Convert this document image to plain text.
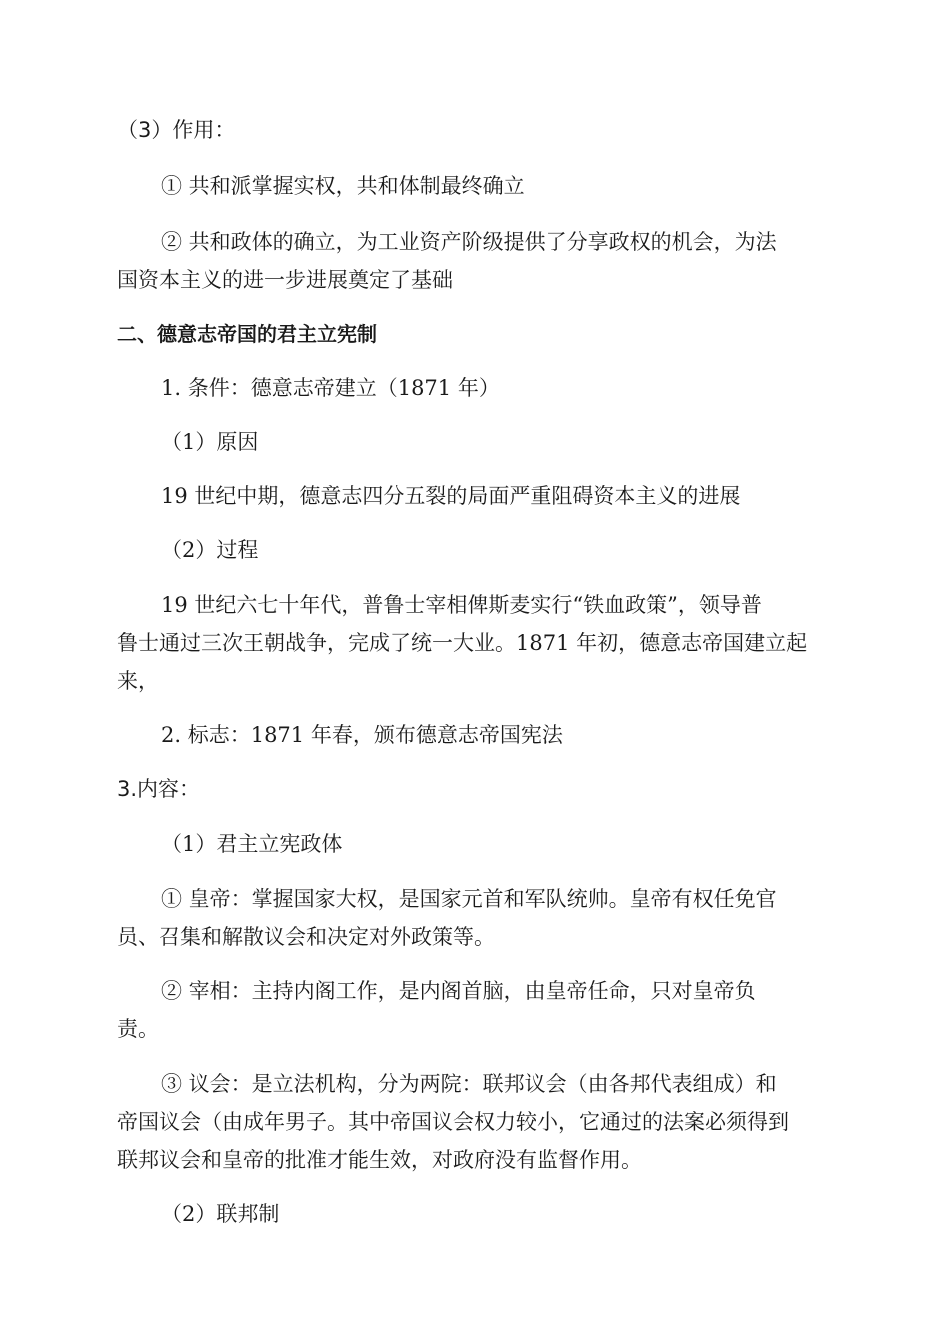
（3）作用：

① 共和派掌握实权，共和体制最终确立

② 共和政体的确立，为工业资产阶级提供了分享政权的机会，为法

国资本主义的进一步进展奠定了基础

二、德意志帝国的君主立宪制

1. 条件：德意志帝建立（1871 年）

（1）原因

19 世纪中期，德意志四分五裂的局面严重阻碍资本主义的进展

（2）过程

19 世纪六七十年代，普鲁士宰相俾斯麦实行“铁血政策”，领导普

鲁士通过三次王朝战争，完成了统一大业。1871 年初，德意志帝国建立起

来，

2. 标志：1871 年春，颁布德意志帝国宪法

3.内容：

（1）君主立宪政体

① 皇帝：掌握国家大权，是国家元首和军队统帅。皇帝有权任免官

员、召集和解散议会和决定对外政策等。

② 宰相：主持内阁工作，是内阁首脑，由皇帝任命，只对皇帝负

责。

③ 议会：是立法机构，分为两院：联邦议会（由各邦代表组成）和

帝国议会（由成年男子。其中帝国议会权力较小，它通过的法案必须得到

联邦议会和皇帝的批准才能生效，对政府没有监督作用。

（2）联邦制
